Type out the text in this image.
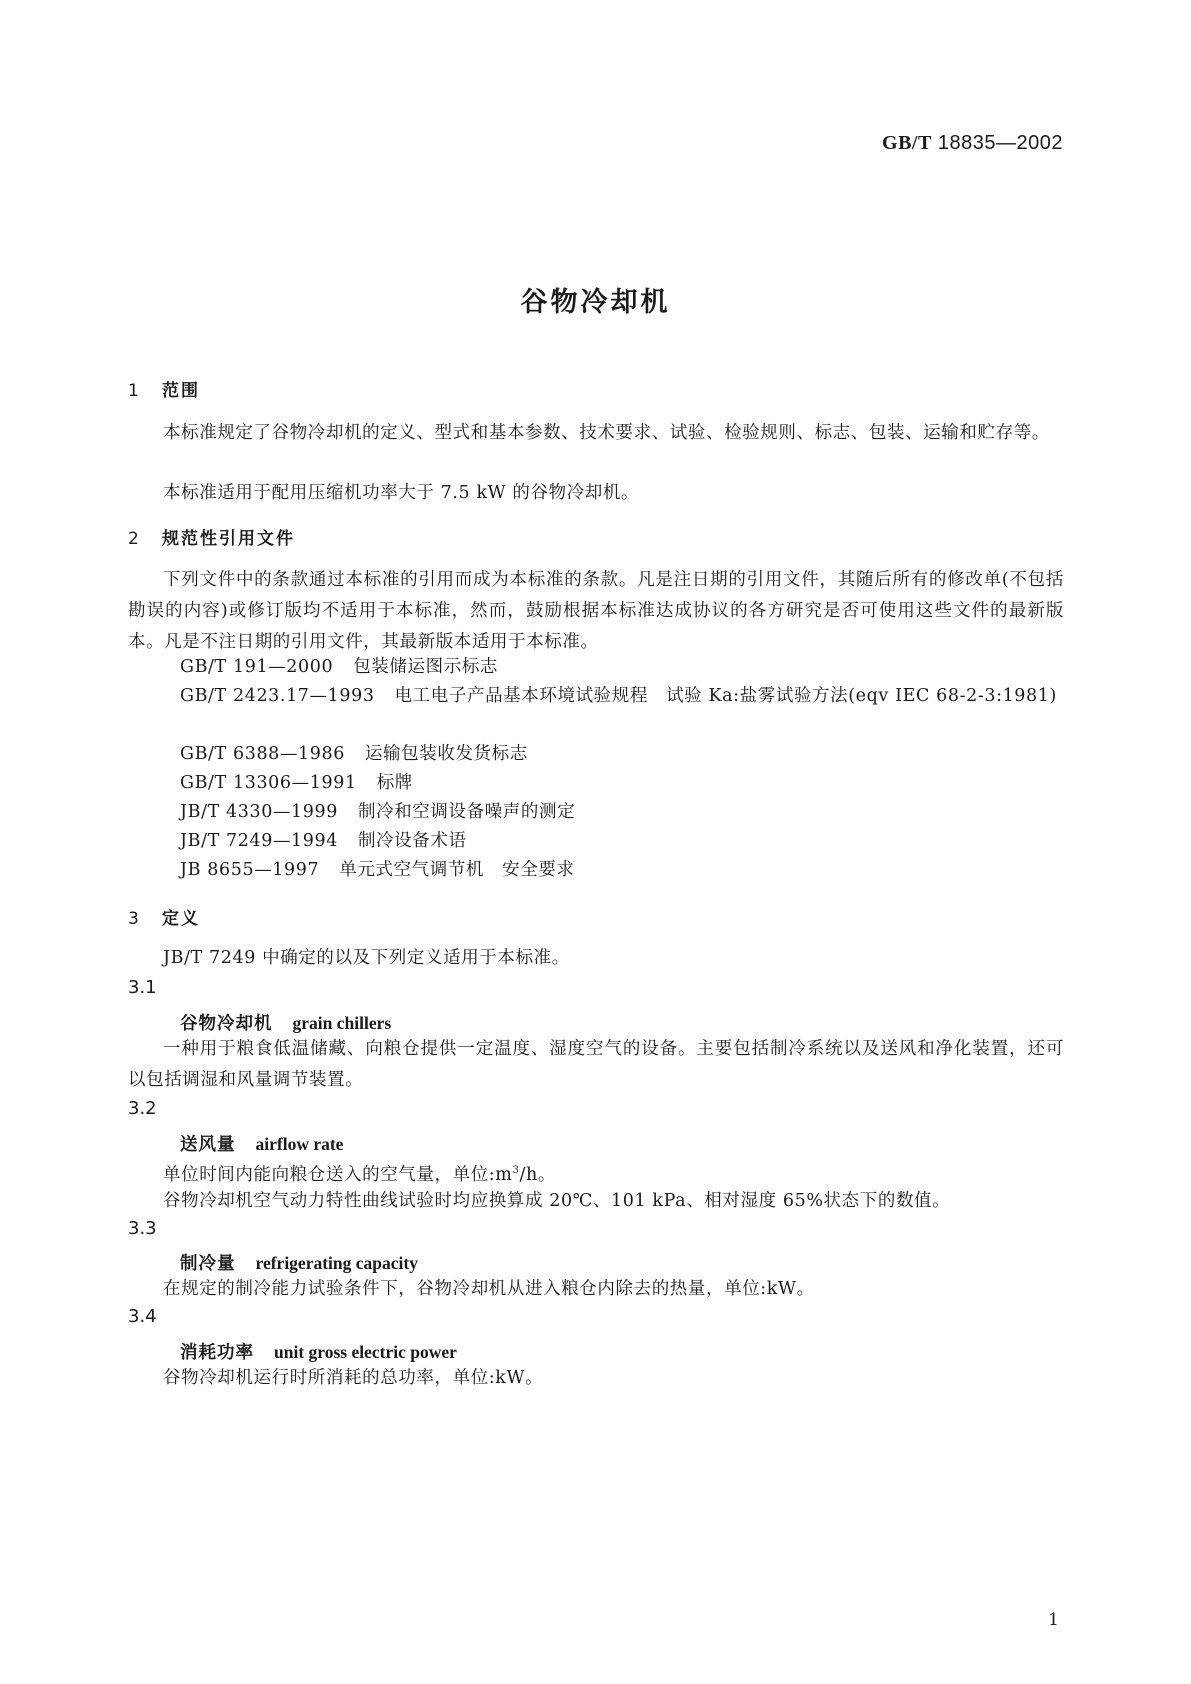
GB/T 18835—2002
谷物冷却机
1 范围
本标准规定了谷物冷却机的定义、型式和基本参数、技术要求、试验、检验规则、标志、包装、运输和贮存等。
本标准适用于配用压缩机功率大于 7.5 kW 的谷物冷却机。
2 规范性引用文件
下列文件中的条款通过本标准的引用而成为本标准的条款。凡是注日期的引用文件，其随后所有的修改单(不包括勘误的内容)或修订版均不适用于本标准，然而，鼓励根据本标准达成协议的各方研究是否可使用这些文件的最新版本。凡是不注日期的引用文件，其最新版本适用于本标准。
GB/T 191—2000 包装储运图示标志
GB/T 2423.17—1993 电工电子产品基本环境试验规程　试验 Ka:盐雾试验方法(eqv IEC 68-2-3:1981)
GB/T 6388—1986 运输包装收发货标志
GB/T 13306—1991 标牌
JB/T 4330—1999 制冷和空调设备噪声的测定
JB/T 7249—1994 制冷设备术语
JB 8655—1997 单元式空气调节机　安全要求
3 定义
JB/T 7249 中确定的以及下列定义适用于本标准。
3.1
谷物冷却机 grain chillers
一种用于粮食低温储藏、向粮仓提供一定温度、湿度空气的设备。主要包括制冷系统以及送风和净化装置，还可以包括调湿和风量调节装置。
3.2
送风量 airflow rate
单位时间内能向粮仓送入的空气量，单位$:m^3/h$。
谷物冷却机空气动力特性曲线试验时均应换算成 20℃、101 kPa、相对湿度 65%状态下的数值。
3.3
制冷量 refrigerating capacity
在规定的制冷能力试验条件下，谷物冷却机从进入粮仓内除去的热量，单位:kW。
3.4
消耗功率 unit gross electric power
谷物冷却机运行时所消耗的总功率，单位:kW。
1
